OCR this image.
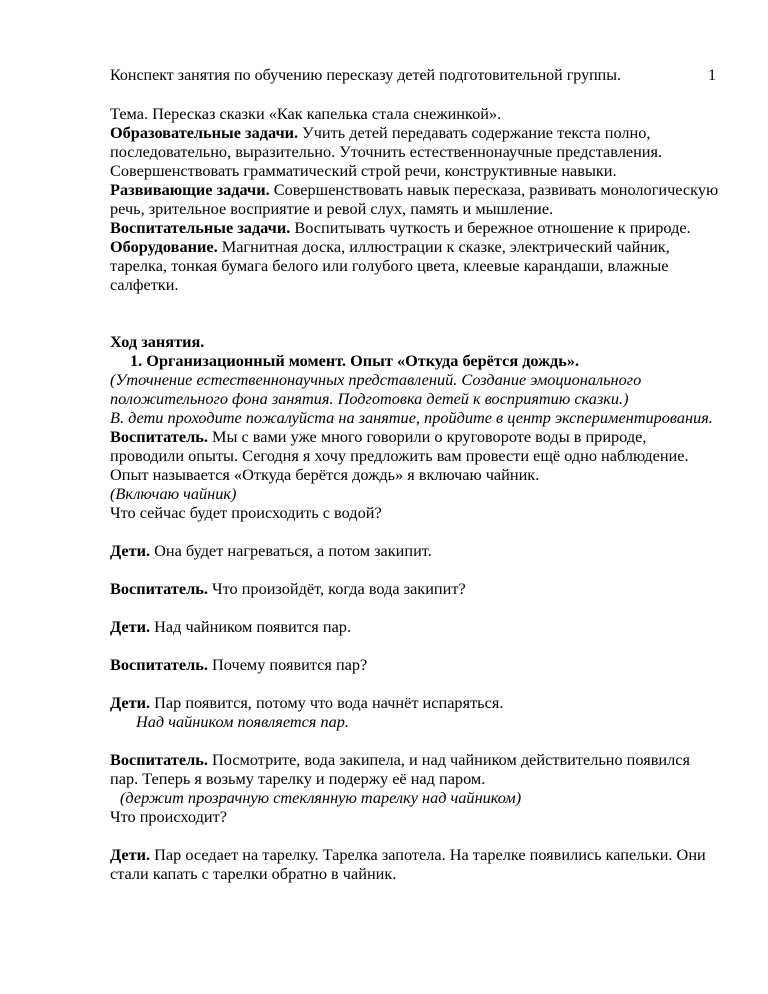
Конспект занятия по обучению пересказу детей подготовительной группы.	1

Тема. Пересказ сказки «Как капелька стала снежинкой».

Образовательные задачи. Учить детей передавать содержание текста полно, последовательно, выразительно. Уточнить естественнонаучные представления. Совершенствовать грамматический строй речи, конструктивные навыки.

Развивающие задачи. Совершенствовать навык пересказа, развивать монологическую речь, зрительное восприятие и ревой слух, память и мышление.

Воспитательные задачи. Воспитывать чуткость и бережное отношение к природе.

Оборудование. Магнитная доска, иллюстрации к сказке, электрический чайник, тарелка, тонкая бумага белого или голубого цвета, клеевые карандаши, влажные салфетки.

Ход занятия.

1. Организационный момент. Опыт «Откуда берётся дождь».

(Уточнение естественнонаучных представлений. Создание эмоционального положительного фона занятия. Подготовка детей к восприятию сказки.)

В. дети проходите пожалуйста на занятие, пройдите в центр экспериментирования.

Воспитатель. Мы с вами уже много говорили о круговороте воды в природе, проводили опыты. Сегодня я хочу предложить вам провести ещё одно наблюдение. Опыт называется «Откуда берётся дождь» я включаю чайник.

(Включаю чайник)

Что сейчас будет происходить с водой?

Дети. Она будет нагреваться, а потом закипит.

Воспитатель. Что произойдёт, когда вода закипит?

Дети. Над чайником появится пар.

Воспитатель. Почему появится пар?

Дети. Пар появится, потому что вода начнёт испаряться.

Над чайником появляется пар.

Воспитатель. Посмотрите, вода закипела, и над чайником действительно появился пар. Теперь я возьму тарелку и подержу её над паром.

(держит прозрачную стеклянную тарелку над чайником)

Что происходит?

Дети. Пар оседает на тарелку. Тарелка запотела. На тарелке появились капельки. Они стали капать с тарелки обратно в чайник.
